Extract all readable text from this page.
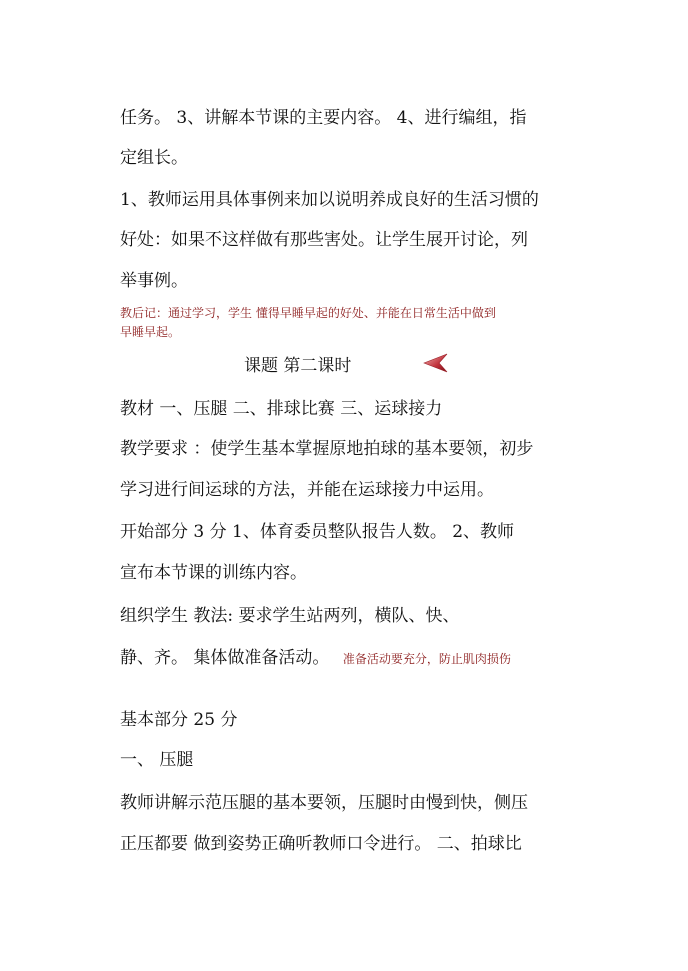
任务。 3、讲解本节课的主要内容。 4、进行编组，指
定组长。
1、教师运用具体事例来加以说明养成良好的生活习惯的
好处：如果不这样做有那些害处。让学生展开讨论，列
举事例。
教后记：通过学习，学生 懂得早睡早起的好处、并能在日常生活中做到
早睡早起。
课题 第二课时
教材 一、压腿 二、排球比赛 三、运球接力
教学要求 ：使学生基本掌握原地拍球的基本要领，初步
学习进行间运球的方法，并能在运球接力中运用。
开始部分 3 分 1、体育委员整队报告人数。 2、教师
宣布本节课的训练内容。
组织学生 教法: 要求学生站两列，横队、快、
静、齐。 集体做准备活动。 准备活动要充分，防止肌肉损伤
基本部分 25 分
一、 压腿
教师讲解示范压腿的基本要领，压腿时由慢到快，侧压
正压都要 做到姿势正确听教师口令进行。 二、拍球比
